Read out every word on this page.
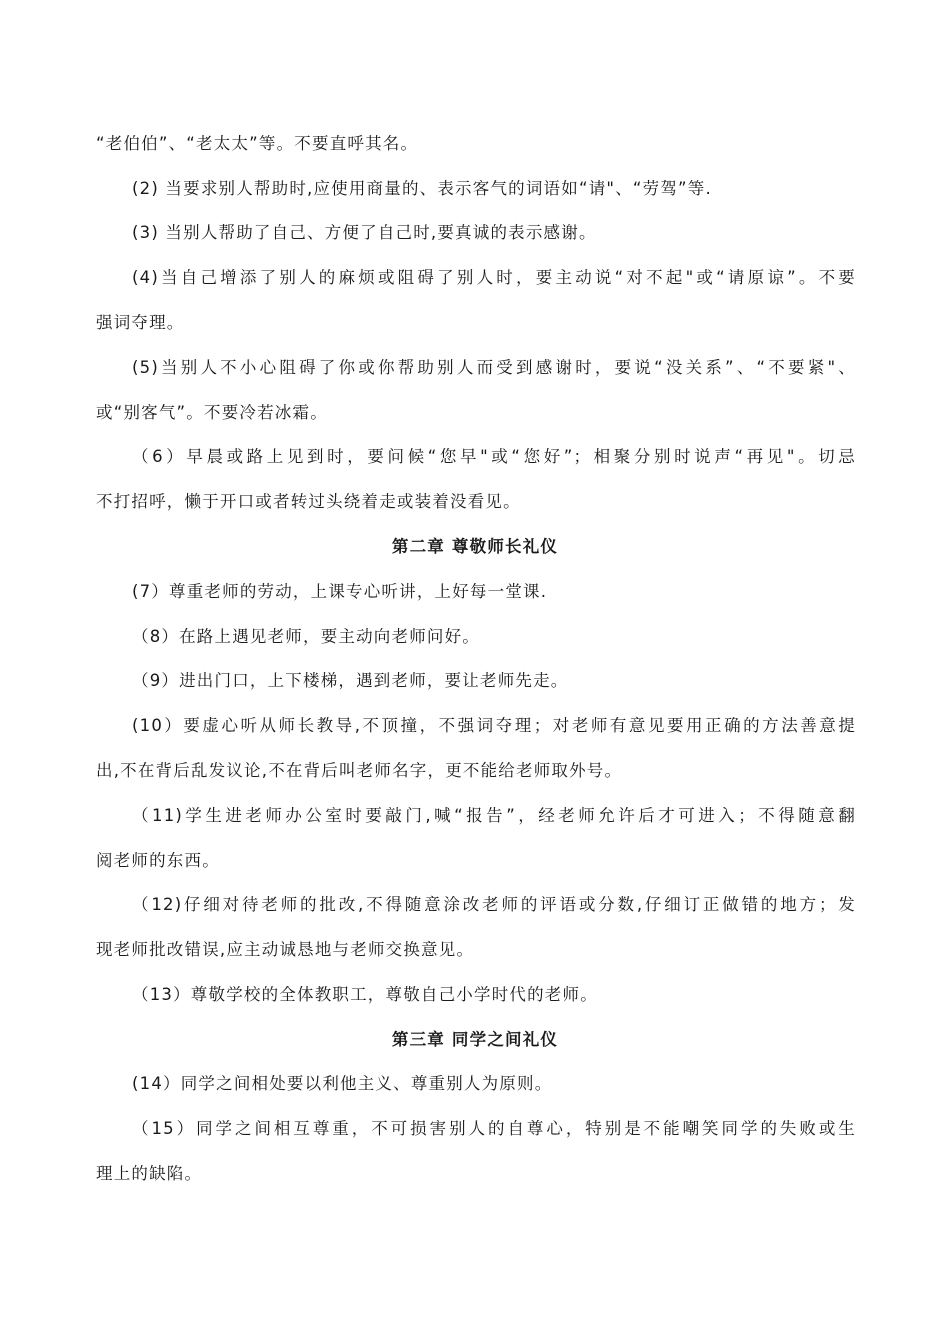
“老伯伯”、“老太太”等。不要直呼其名。
(2) 当要求别人帮助时,应使用商量的、表示客气的词语如“请"、“劳驾”等.
(3) 当别人帮助了自己、方便了自己时,要真诚的表示感谢。
(4)当自己增添了别人的麻烦或阻碍了别人时，要主动说“对不起"或“请原谅”。不要
强词夺理。
(5)当别人不小心阻碍了你或你帮助别人而受到感谢时，要说“没关系”、“不要紧"、
或“别客气”。不要冷若冰霜。
（6）早晨或路上见到时，要问候“您早"或“您好”；相聚分别时说声“再见"。切忌
不打招呼，懒于开口或者转过头绕着走或装着没看见。
第二章 尊敬师长礼仪
(7）尊重老师的劳动，上课专心听讲，上好每一堂课.
（8）在路上遇见老师，要主动向老师问好。
（9）进出门口，上下楼梯，遇到老师，要让老师先走。
(10）要虚心听从师长教导,不顶撞，不强词夺理；对老师有意见要用正确的方法善意提
出,不在背后乱发议论,不在背后叫老师名字，更不能给老师取外号。
（11)学生进老师办公室时要敲门,喊“报告”，经老师允许后才可进入；不得随意翻
阅老师的东西。
（12)仔细对待老师的批改,不得随意涂改老师的评语或分数,仔细订正做错的地方；发
现老师批改错误,应主动诚恳地与老师交换意见。
（13）尊敬学校的全体教职工，尊敬自己小学时代的老师。
第三章 同学之间礼仪
(14）同学之间相处要以利他主义、尊重别人为原则。
（15）同学之间相互尊重，不可损害别人的自尊心，特别是不能嘲笑同学的失败或生
理上的缺陷。
